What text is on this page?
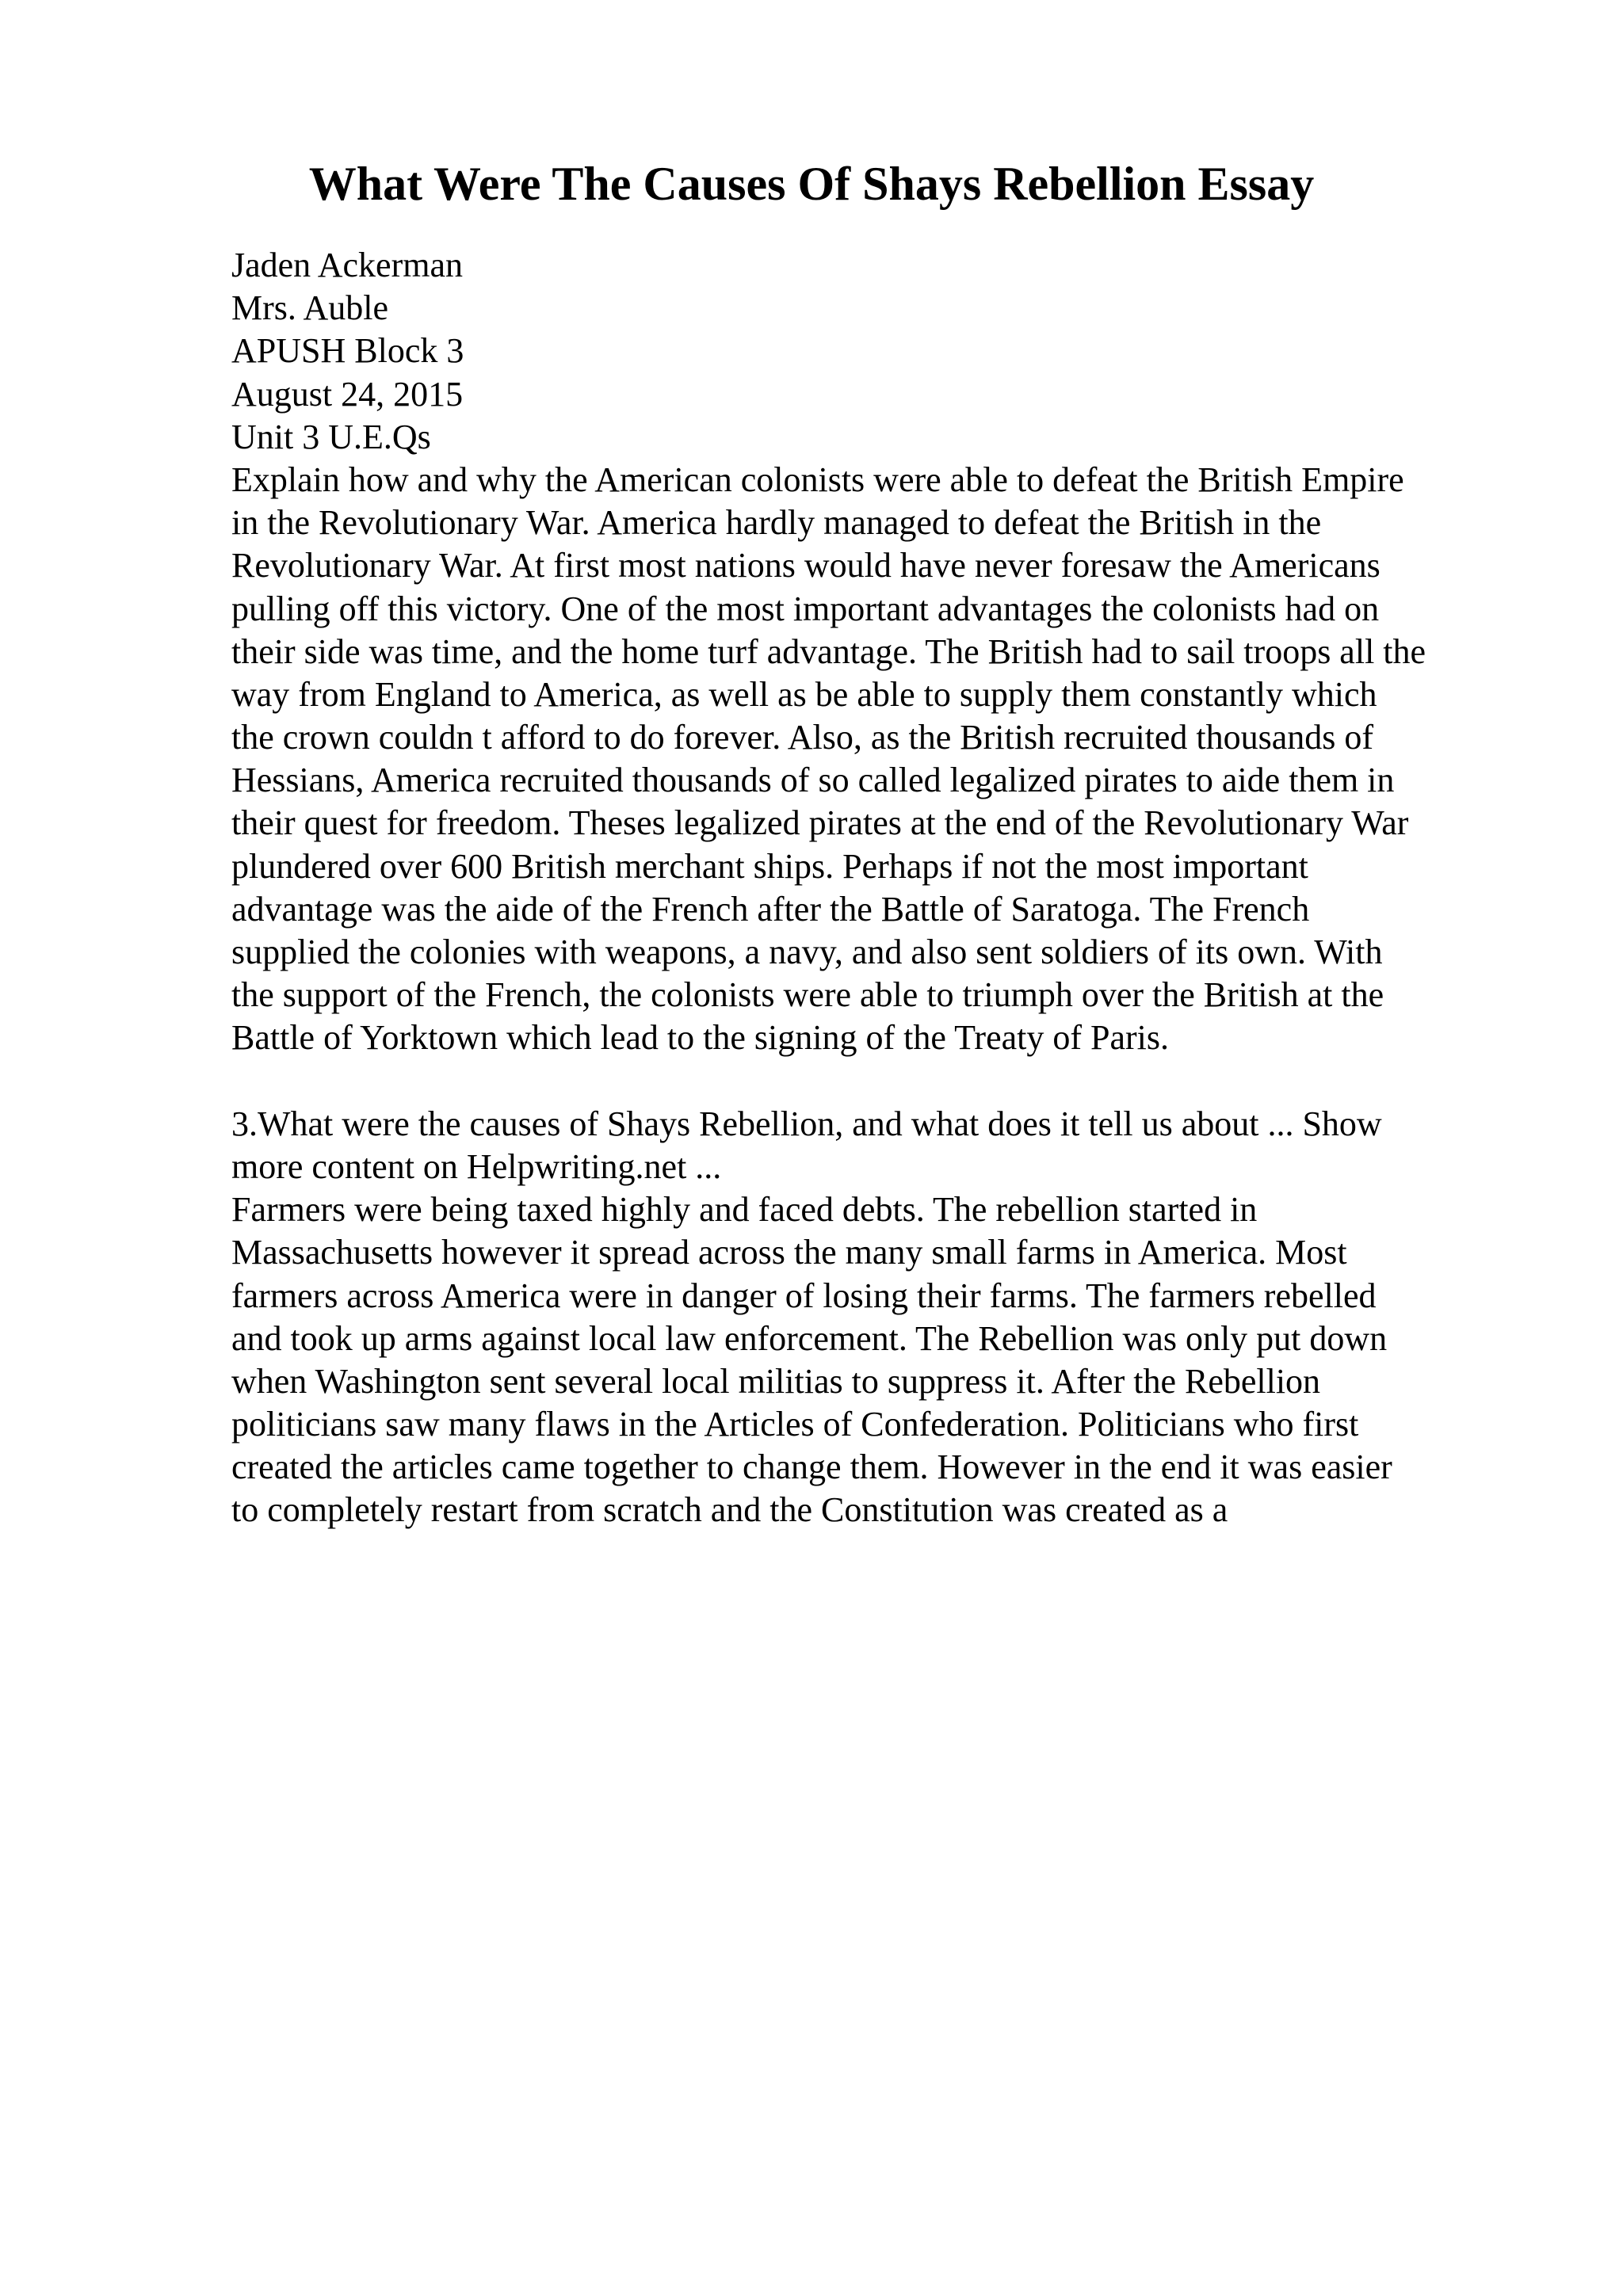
What Were The Causes Of Shays Rebellion Essay
Jaden Ackerman
Mrs. Auble
APUSH Block 3
August 24, 2015
Unit 3 U.E.Qs
Explain how and why the American colonists were able to defeat the British Empire
in the Revolutionary War. America hardly managed to defeat the British in the
Revolutionary War. At first most nations would have never foresaw the Americans
pulling off this victory. One of the most important advantages the colonists had on
their side was time, and the home turf advantage. The British had to sail troops all the
way from England to America, as well as be able to supply them constantly which
the crown couldn t afford to do forever. Also, as the British recruited thousands of
Hessians, America recruited thousands of so called legalized pirates to aide them in
their quest for freedom. Theses legalized pirates at the end of the Revolutionary War
plundered over 600 British merchant ships. Perhaps if not the most important
advantage was the aide of the French after the Battle of Saratoga. The French
supplied the colonies with weapons, a navy, and also sent soldiers of its own. With
the support of the French, the colonists were able to triumph over the British at the
Battle of Yorktown which lead to the signing of the Treaty of Paris.
3.What were the causes of Shays Rebellion, and what does it tell us about ... Show
more content on Helpwriting.net ...
Farmers were being taxed highly and faced debts. The rebellion started in
Massachusetts however it spread across the many small farms in America. Most
farmers across America were in danger of losing their farms. The farmers rebelled
and took up arms against local law enforcement. The Rebellion was only put down
when Washington sent several local militias to suppress it. After the Rebellion
politicians saw many flaws in the Articles of Confederation. Politicians who first
created the articles came together to change them. However in the end it was easier
to completely restart from scratch and the Constitution was created as a
